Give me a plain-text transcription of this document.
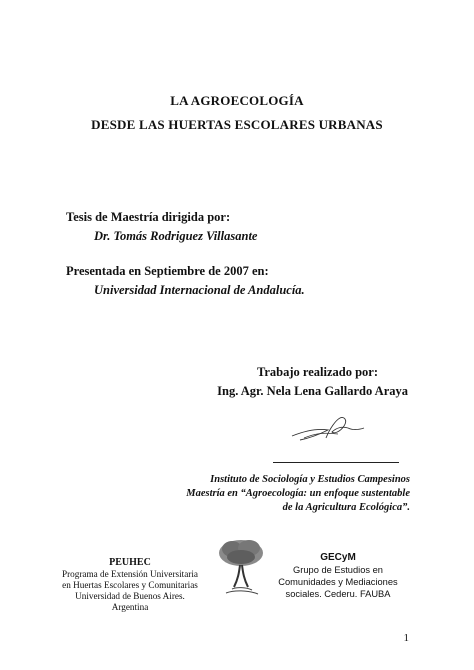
LA AGROECOLOGÍA
DESDE LAS HUERTAS ESCOLARES URBANAS
Tesis de Maestría dirigida por:
Dr. Tomás Rodriguez Villasante
Presentada en Septiembre de 2007 en:
Universidad Internacional de Andalucía.
Trabajo realizado por:
Ing. Agr. Nela Lena Gallardo Araya
Instituto de Sociología y Estudios Campesinos
Maestría en “Agroecología: un enfoque sustentable
de la Agricultura Ecológica”.
PEUHEC
Programa de Extensión Universitaria
en Huertas Escolares y Comunitarias
Universidad de Buenos Aires. Argentina
GECyM
Grupo de Estudios en
Comunidades y Mediaciones
sociales. Cederu. FAUBA
1
